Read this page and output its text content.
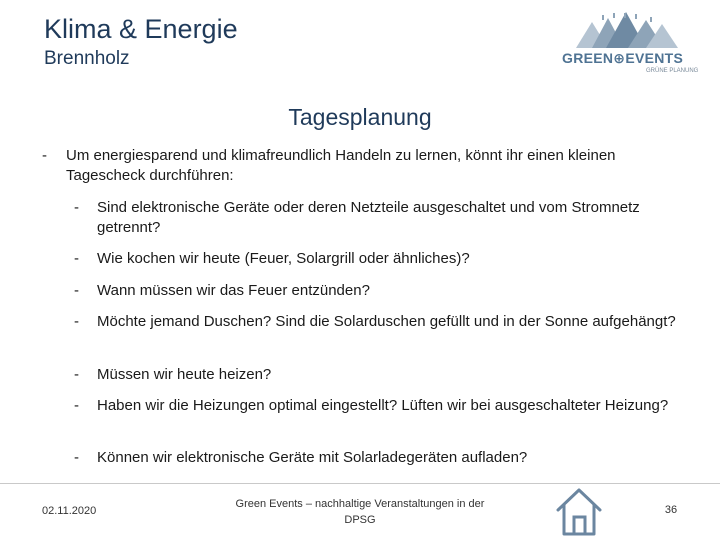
Klima & Energie
Brennholz	GREEN⊕EVENTS
GRÜNE PLANUNG
Tagesplanung
-	Um energiesparend und klimafreundlich Handeln zu lernen, könnt ihr einen kleinen Tagescheck durchführen:
-	Sind elektronische Geräte oder deren Netzteile ausgeschaltet und vom Stromnetz getrennt?
-	Wie kochen wir heute (Feuer, Solargrill oder ähnliches)?
-	Wann müssen wir das Feuer entzünden?
-	Möchte jemand Duschen? Sind die Solarduschen gefüllt und in der Sonne aufgehängt?
-	Müssen wir heute heizen?
-	Haben wir die Heizungen optimal eingestellt? Lüften wir bei ausgeschalteter Heizung?
-	Können wir elektronische Geräte mit Solarladegeräten aufladen?
02.11.2020
Green Events – nachhaltige Veranstaltungen in der DPSG
36
